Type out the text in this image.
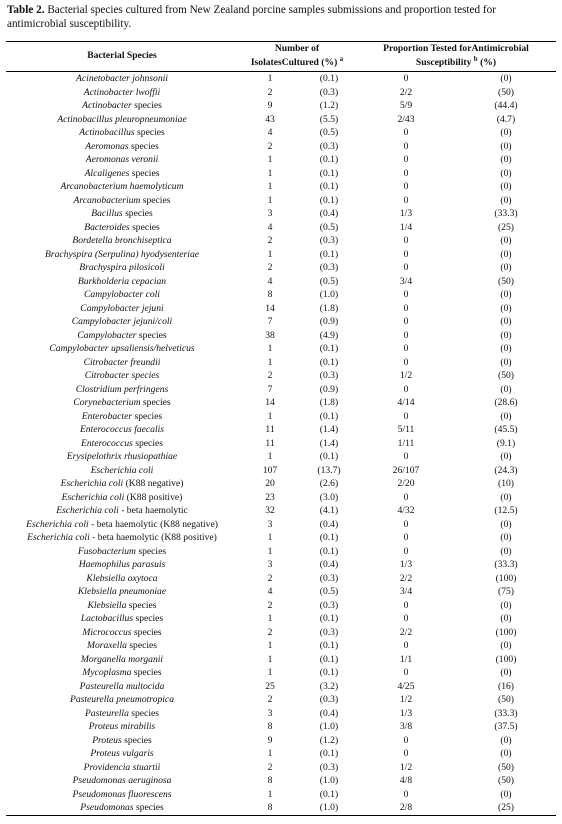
Table 2. Bacterial species cultured from New Zealand porcine samples submissions and proportion tested for antimicrobial susceptibility.
Bacterial Species	Number of
IsolatesCultured (%) $^a$		Proportion Tested forAntimicrobial
Susceptibility $^b$ (%)	
Acinetobacter johnsonii	1	(0.1)	0	(0)
Actinobacter lwoffii	2	(0.3)	2/2	(50)
Actinobacter species	9	(1.2)	5/9	(44.4)
Actinobacillus pleuropneumoniae	43	(5.5)	2/43	(4.7)
Actinobacillus species	4	(0.5)	0	(0)
Aeromonas species	2	(0.3)	0	(0)
Aeromonas veronii	1	(0.1)	0	(0)
Alcaligenes species	1	(0.1)	0	(0)
Arcanobacterium haemolyticum	1	(0.1)	0	(0)
Arcanobacterium species	1	(0.1)	0	(0)
Bacillus species	3	(0.4)	1/3	(33.3)
Bacteroides species	4	(0.5)	1/4	(25)
Bordetella bronchiseptica	2	(0.3)	0	(0)
Brachyspira (Serpulina) hyodysenteriae	1	(0.1)	0	(0)
Brachyspira pilosicoli	2	(0.3)	0	(0)
Burkholderia cepacian	4	(0.5)	3/4	(50)
Campylobacter coli	8	(1.0)	0	(0)
Campylobacter jejuni	14	(1.8)	0	(0)
Campylobacter jejuni/coli	7	(0.9)	0	(0)
Campylobacter species	38	(4.9)	0	(0)
Campylobacter upsaliensis/helveticus	1	(0.1)	0	(0)
Citrobacter freundii	1	(0.1)	0	(0)
Citrobacter species	2	(0.3)	1/2	(50)
Clostridium perfringens	7	(0.9)	0	(0)
Corynebacterium species	14	(1.8)	4/14	(28.6)
Enterobacter species	1	(0.1)	0	(0)
Enterococcus faecalis	11	(1.4)	5/11	(45.5)
Enterococcus species	11	(1.4)	1/11	(9.1)
Erysipelothrix rhusiopathiae	1	(0.1)	0	(0)
Escherichia coli	107	(13.7)	26/107	(24.3)
Escherichia coli (K88 negative)	20	(2.6)	2/20	(10)
Escherichia coli (K88 positive)	23	(3.0)	0	(0)
Escherichia coli - beta haemolytic	32	(4.1)	4/32	(12.5)
Escherichia coli - beta haemolytic (K88 negative)	3	(0.4)	0	(0)
Escherichia coli - beta haemolytic (K88 positive)	1	(0.1)	0	(0)
Fusobacterium species	1	(0.1)	0	(0)
Haemophilus parasuis	3	(0.4)	1/3	(33.3)
Klebsiella oxytoca	2	(0.3)	2/2	(100)
Klebsiella pneumoniae	4	(0.5)	3/4	(75)
Klebsiella species	2	(0.3)	0	(0)
Lactobacillus species	1	(0.1)	0	(0)
Micrococcus species	2	(0.3)	2/2	(100)
Moraxella species	1	(0.1)	0	(0)
Morganella morganii	1	(0.1)	1/1	(100)
Mycoplasma species	1	(0.1)	0	(0)
Pasteurella multocida	25	(3.2)	4/25	(16)
Pasteurella pneumotropica	2	(0.3)	1/2	(50)
Pasteurella species	3	(0.4)	1/3	(33.3)
Proteus mirabilis	8	(1.0)	3/8	(37.5)
Proteus species	9	(1.2)	0	(0)
Proteus vulgaris	1	(0.1)	0	(0)
Providencia stuartii	2	(0.3)	1/2	(50)
Pseudomonas aeruginosa	8	(1.0)	4/8	(50)
Pseudomonas fluorescens	1	(0.1)	0	(0)
Pseudomonas species	8	(1.0)	2/8	(25)
